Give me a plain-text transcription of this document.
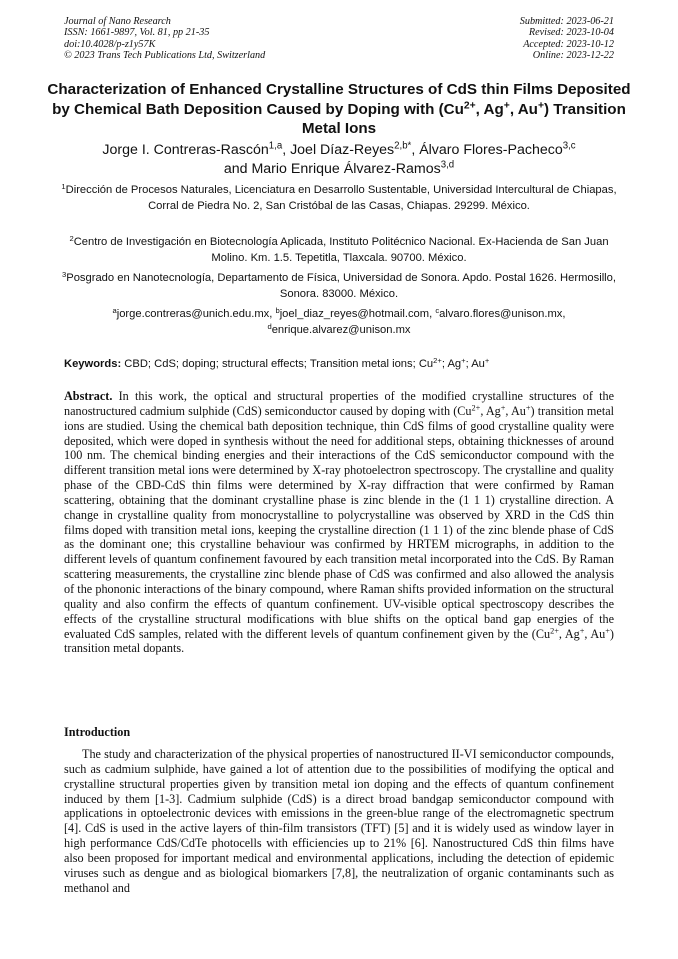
Journal of Nano Research
ISSN: 1661-9897, Vol. 81, pp 21-35
doi:10.4028/p-z1y57K
© 2023 Trans Tech Publications Ltd, Switzerland
Submitted: 2023-06-21
Revised: 2023-10-04
Accepted: 2023-10-12
Online: 2023-12-22
Characterization of Enhanced Crystalline Structures of CdS thin Films Deposited by Chemical Bath Deposition Caused by Doping with ($Cu^{2+}$, Ag+, Au+) Transition Metal Ions
Jorge I. Contreras-Rascón$^{1,a}$, Joel Díaz-Reyes$^{2,b*}$, Álvaro Flores-Pacheco$^{3,c}$
and Mario Enrique Álvarez-Ramos$^{3,d}$
$^1$Dirección de Procesos Naturales, Licenciatura en Desarrollo Sustentable, Universidad Intercultural de Chiapas, Corral de Piedra No. 2, San Cristóbal de las Casas, Chiapas. 29299. México.
$^2$Centro de Investigación en Biotecnología Aplicada, Instituto Politécnico Nacional. Ex-Hacienda de San Juan Molino. Km. 1.5. Tepetitla, Tlaxcala. 90700. México.
$^3$Posgrado en Nanotecnología, Departamento de Física, Universidad de Sonora. Apdo. Postal 1626. Hermosillo, Sonora. 83000. México.
$^a$jorge.contreras@unich.edu.mx, $^b$joel_diaz_reyes@hotmail.com, $^c$alvaro.flores@unison.mx,
$^d$enrique.alvarez@unison.mx
Keywords: CBD; CdS; doping; structural effects; Transition metal ions; $Cu^{2+}$; Ag+; Au+
Abstract. In this work, the optical and structural properties of the modified crystalline structures of the nanostructured cadmium sulphide (CdS) semiconductor caused by doping with ($Cu^{2+}$, Ag+, Au+) transition metal ions are studied. Using the chemical bath deposition technique, thin CdS films of good crystalline quality were deposited, which were doped in synthesis without the need for additional steps, obtaining thicknesses of around 100 nm. The chemical binding energies and their interactions of the CdS semiconductor compound with the different transition metal ions were determined by X-ray photoelectron spectroscopy. The crystalline and quality phase of the CBD-CdS thin films were determined by X-ray diffraction that were confirmed by Raman scattering, obtaining that the dominant crystalline phase is zinc blende in the (1 1 1) crystalline direction. A change in crystalline quality from monocrystalline to polycrystalline was observed by XRD in the CdS thin films doped with transition metal ions, keeping the crystalline direction (1 1 1) of the zinc blende phase of CdS as the dominant one; this crystalline behaviour was confirmed by HRTEM micrographs, in addition to the different levels of quantum confinement favoured by each transition metal incorporated into the CdS. By Raman scattering measurements, the crystalline zinc blende phase of CdS was confirmed and also allowed the analysis of the phononic interactions of the binary compound, where Raman shifts provided information on the structural quality and also confirm the effects of quantum confinement. UV-visible optical spectroscopy describes the effects of the crystalline structural modifications with blue shifts on the optical band gap energies of the evaluated CdS samples, related with the different levels of quantum confinement given by the ($Cu^{2+}$, Ag+, Au+) transition metal dopants.
Introduction
The study and characterization of the physical properties of nanostructured II-VI semiconductor compounds, such as cadmium sulphide, have gained a lot of attention due to the possibilities of modifying the optical and crystalline structural properties given by transition metal ion doping and the effects of quantum confinement induced by them [1-3]. Cadmium sulphide (CdS) is a direct broad bandgap semiconductor compound with applications in optoelectronic devices with emissions in the green-blue range of the electromagnetic spectrum [4]. CdS is used in the active layers of thin-film transistors (TFT) [5] and it is widely used as window layer in high performance CdS/CdTe photocells with efficiencies up to 21% [6]. Nanostructured CdS thin films have also been proposed for important medical and environmental applications, including the detection of epidemic viruses such as dengue and as biological biomarkers [7,8], the neutralization of organic contaminants such as methanol and
